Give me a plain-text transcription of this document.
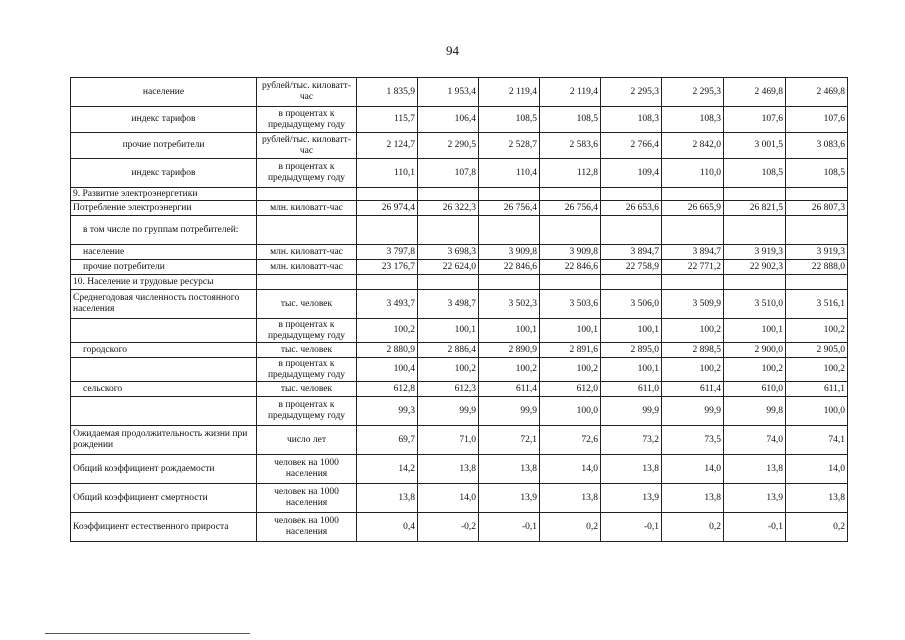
94
население	рублей/тыс. киловатт-час	1 835,9	1 953,4	2 119,4	2 119,4	2 295,3	2 295,3	2 469,8	2 469,8
индекс тарифов	в процентах к предыдущему году	115,7	106,4	108,5	108,5	108,3	108,3	107,6	107,6
прочие потребители	рублей/тыс. киловатт-час	2 124,7	2 290,5	2 528,7	2 583,6	2 766,4	2 842,0	3 001,5	3 083,6
индекс тарифов	в процентах к предыдущему году	110,1	107,8	110,4	112,8	109,4	110,0	108,5	108,5
9. Развитие электроэнергетики									
Потребление электроэнергии	млн. киловатт-час	26 974,4	26 322,3	26 756,4	26 756,4	26 653,6	26 665,9	26 821,5	26 807,3
в том числе по группам потребителей:									
население	млн. киловатт-час	3 797,8	3 698,3	3 909,8	3 909,8	3 894,7	3 894,7	3 919,3	3 919,3
прочие потребители	млн. киловатт-час	23 176,7	22 624,0	22 846,6	22 846,6	22 758,9	22 771,2	22 902,3	22 888,0
10. Население и трудовые ресурсы									
Среднегодовая численность постоянного населения	тыс. человек	3 493,7	3 498,7	3 502,3	3 503,6	3 506,0	3 509,9	3 510,0	3 516,1
	в процентах к предыдущему году	100,2	100,1	100,1	100,1	100,1	100,2	100,1	100,2
городского	тыс. человек	2 880,9	2 886,4	2 890,9	2 891,6	2 895,0	2 898,5	2 900,0	2 905,0
	в процентах к предыдущему году	100,4	100,2	100,2	100,2	100,1	100,2	100,2	100,2
сельского	тыс. человек	612,8	612,3	611,4	612,0	611,0	611,4	610,0	611,1
	в процентах к предыдущему году	99,3	99,9	99,9	100,0	99,9	99,9	99,8	100,0
Ожидаемая продолжительность жизни при рождении	число лет	69,7	71,0	72,1	72,6	73,2	73,5	74,0	74,1
Общий коэффициент рождаемости	человек на 1000 населения	14,2	13,8	13,8	14,0	13,8	14,0	13,8	14,0
Общий коэффициент смертности	человек на 1000 населения	13,8	14,0	13,9	13,8	13,9	13,8	13,9	13,8
Коэффициент естественного прироста	человек на 1000 населения	0,4	-0,2	-0,1	0,2	-0,1	0,2	-0,1	0,2
